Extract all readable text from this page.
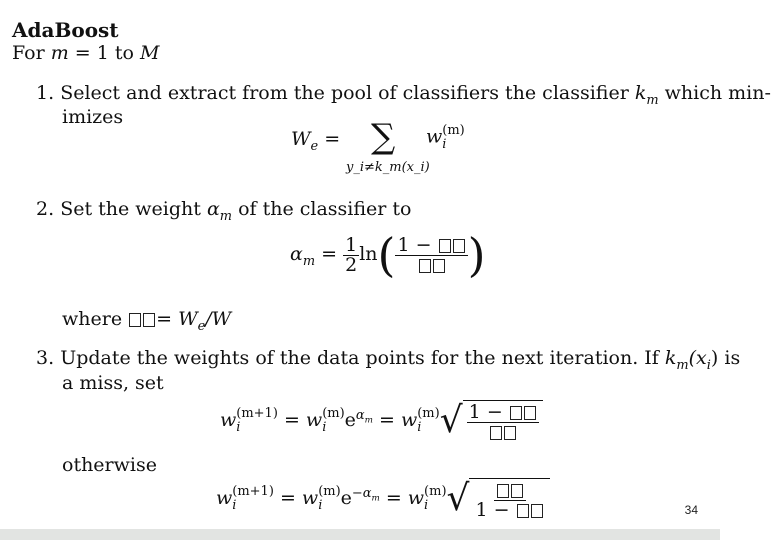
AdaBoost
For m = 1 to M
1. Select and extract from the pool of classifiers the classifier $k_m$ which min-
imizes
$W_e$ = ∑
y_i≠k_m(x_i)
w (m)
i
2. Set the weight $\alpha_m$ of the classifier to
$\alpha_m = \frac{1}{2} \ln$( 1 − )
where = $W_e/W$
3. Update the weights of the data points for the next iteration. If $k_m(x_i)$ is
a miss, set
w (m+1)
i	= w (m)
i $e^{\alpha_m} = w$ (m)
i √ 1 −
otherwise
w (m+1)
i	= w (m)
i $e^{-\alpha_m} = w$ (m)
i √ 1 −	34
